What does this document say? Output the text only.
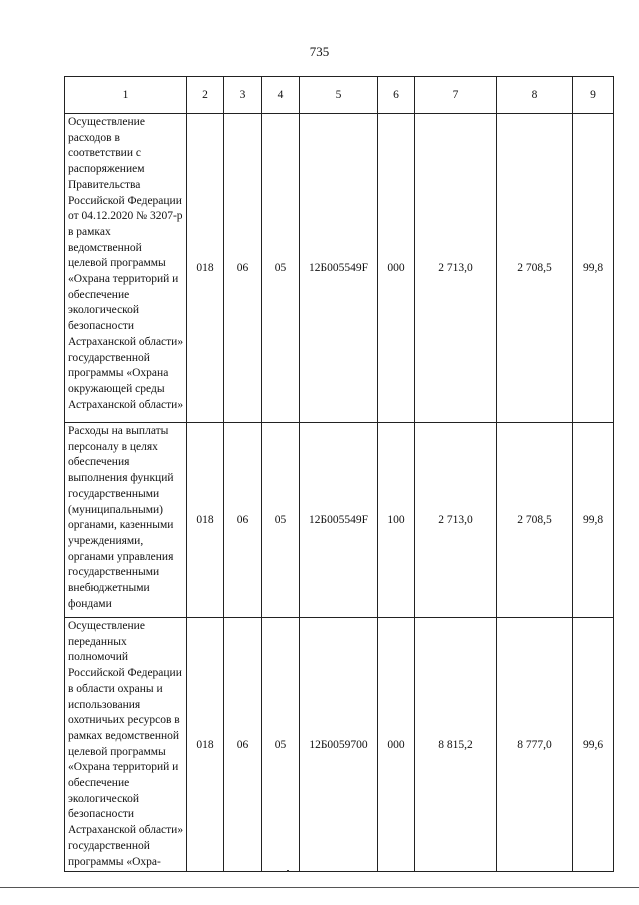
735
1	2	3	4	5	6	7	8	9
Осуществление расходов в соответствии с распоряжением Правительства Российской Федерации от 04.12.2020 № 3207-р в рамках ведомственной целевой программы «Охрана территорий и обеспечение экологической безопасности Астраханской области» государственной программы «Охрана окружающей среды Астраханской области»	018	06	05	12Б005549F	000	2 713,0	2 708,5	99,8
Расходы на выплаты персоналу в целях обеспечения выполнения функций государственными (муниципальными) органами, казенными учреждениями, органами управления государственными внебюджетными фондами	018	06	05	12Б005549F	100	2 713,0	2 708,5	99,8
Осуществление переданных полномочий Российской Федерации в области охраны и использования охотничьих ресурсов в рамках ведомственной целевой программы «Охрана территорий и обеспечение экологической безопасности Астраханской области» государственной программы «Охра-	018	06	05	12Б0059700	000	8 815,2	8 777,0	99,6
